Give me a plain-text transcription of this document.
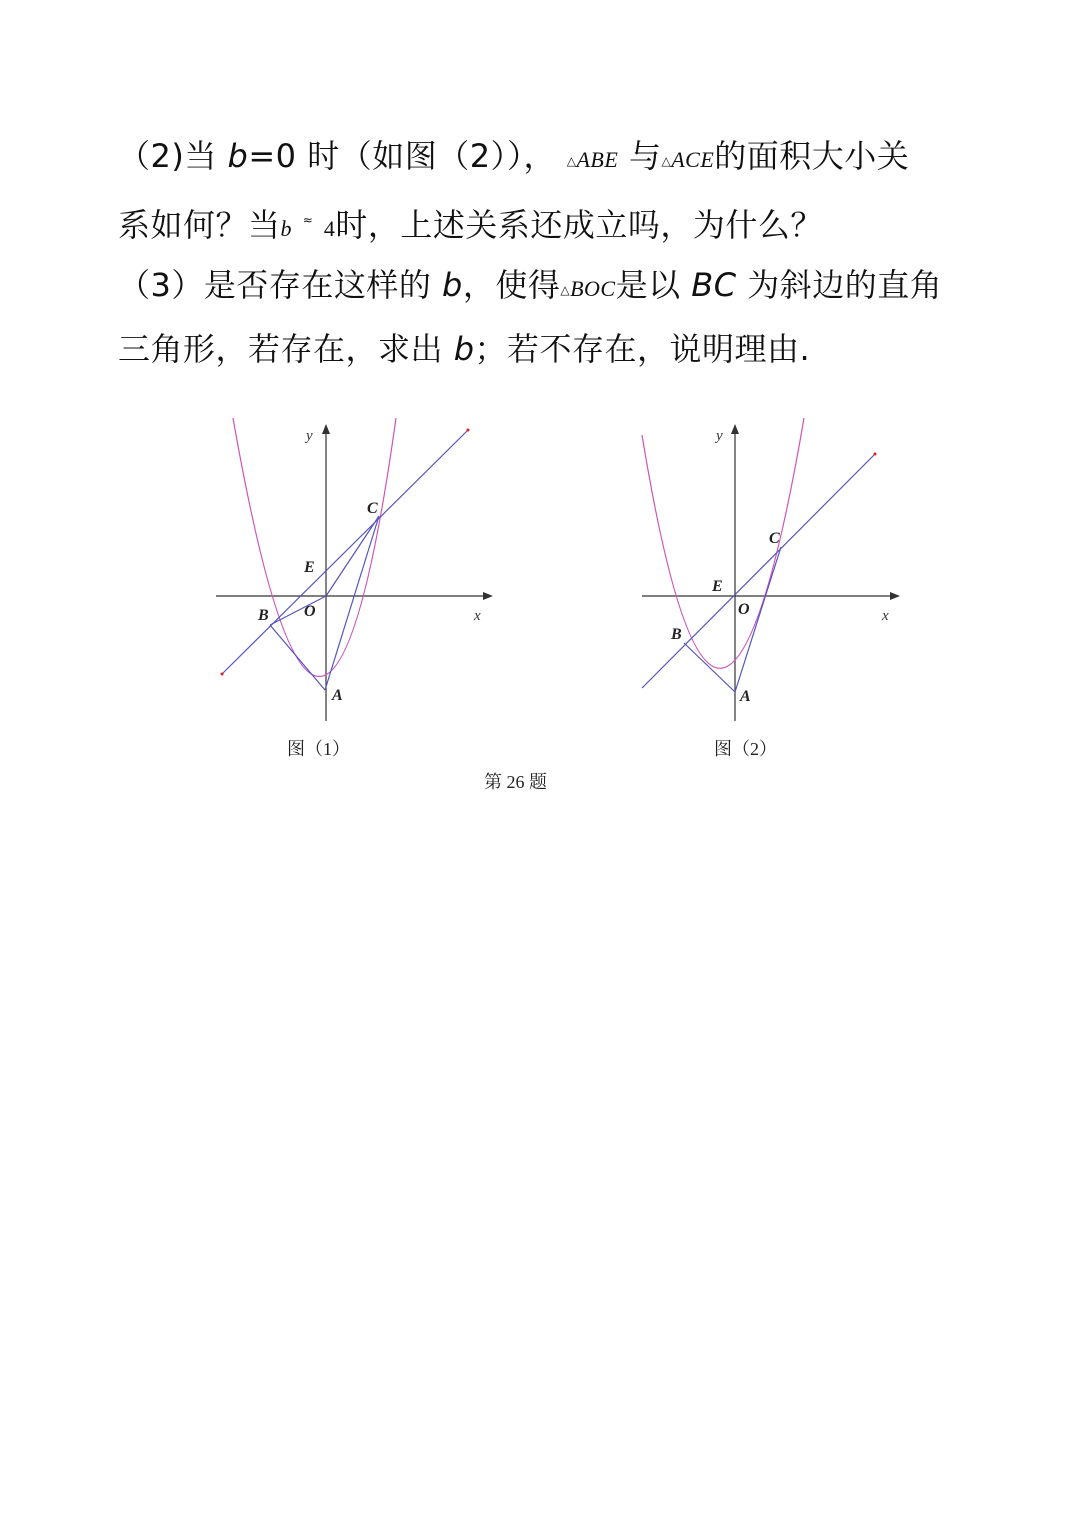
（2)当 b=0 时（如图（2））， △ABE 与△ACE的面积大小关
系如何？当b ≈ 4时，上述关系还成立吗，为什么？
（3）是否存在这样的 b，使得△BOC是以 BC 为斜边的直角
三角形，若存在，求出 b；若不存在，说明理由.
y
x
C
E
O
B
A
y
x
C
E
O
B
A
图（1）	图（2）
第 26 题
